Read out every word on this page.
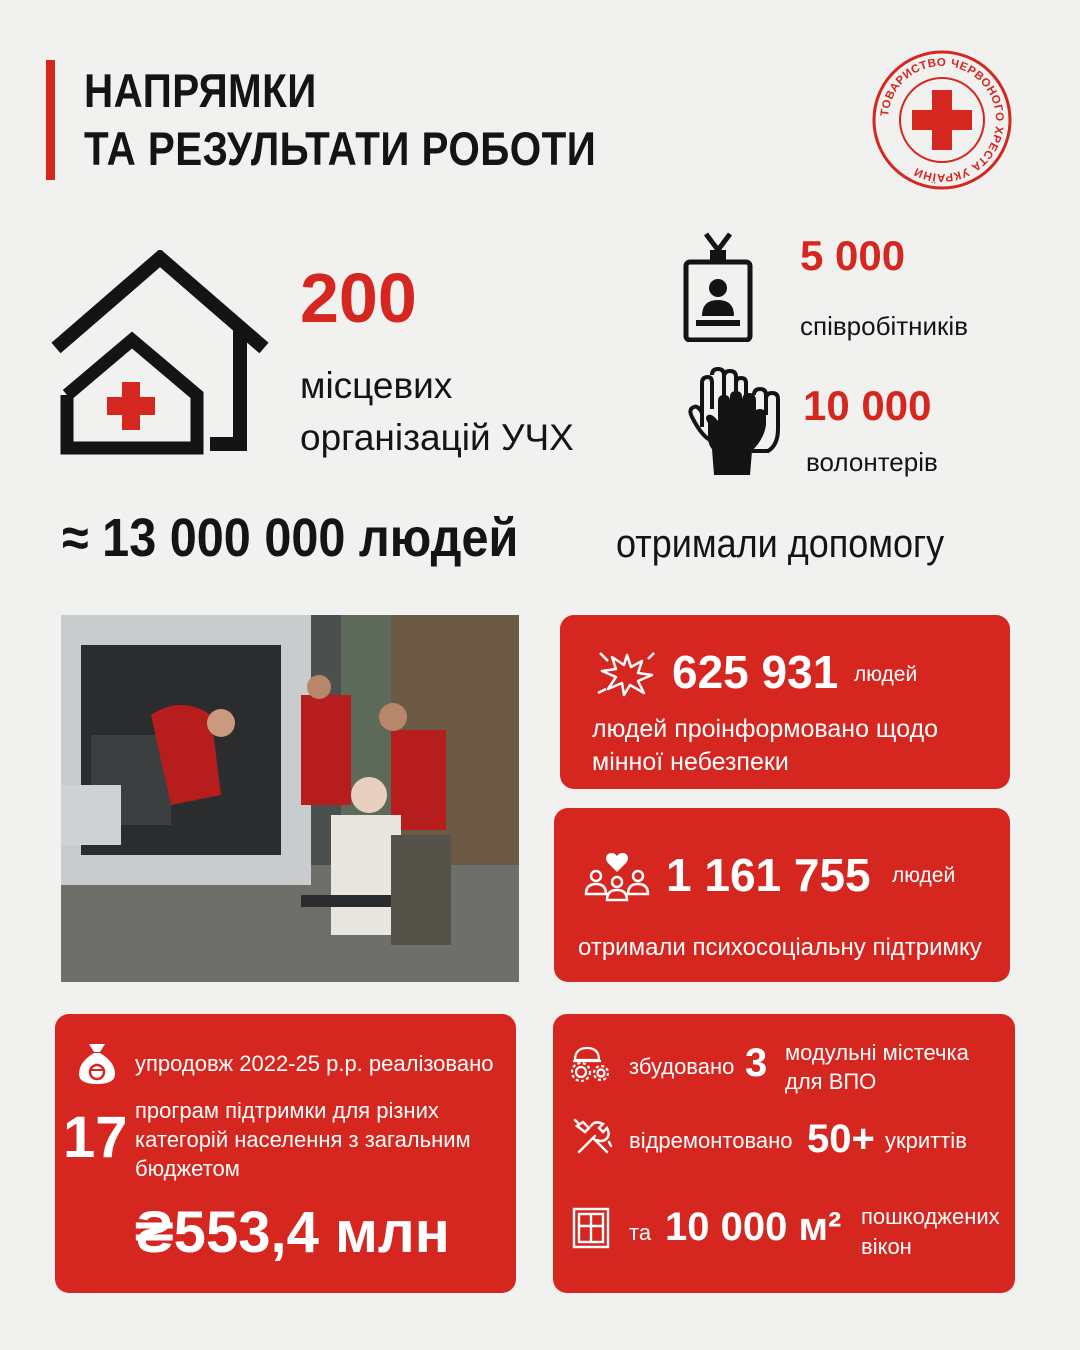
НАПРЯМКИ
ТА РЕЗУЛЬТАТИ РОБОТИ
ТОВАРИСТВО ЧЕРВОНОГО ХРЕСТА УКРАЇНИ
200
місцевих
організацій УЧХ
5 000
співробітників
10 000
волонтерів
≈ 13 000 000 людей отримали допомогу
625 931 людей
людей проінформовано щодо
мінної небезпеки
1 161 755 людей
отримали психосоціальну підтримку
упродовж 2022-25 р.р. реалізовано
17 програм підтримки для різних
категорій населення з загальним
бюджетом
₴553,4 млн
збудовано 3 модульні містечка
для ВПО
відремонтовано 50+ укриттів
та 10 000 м² пошкоджених
вікон
